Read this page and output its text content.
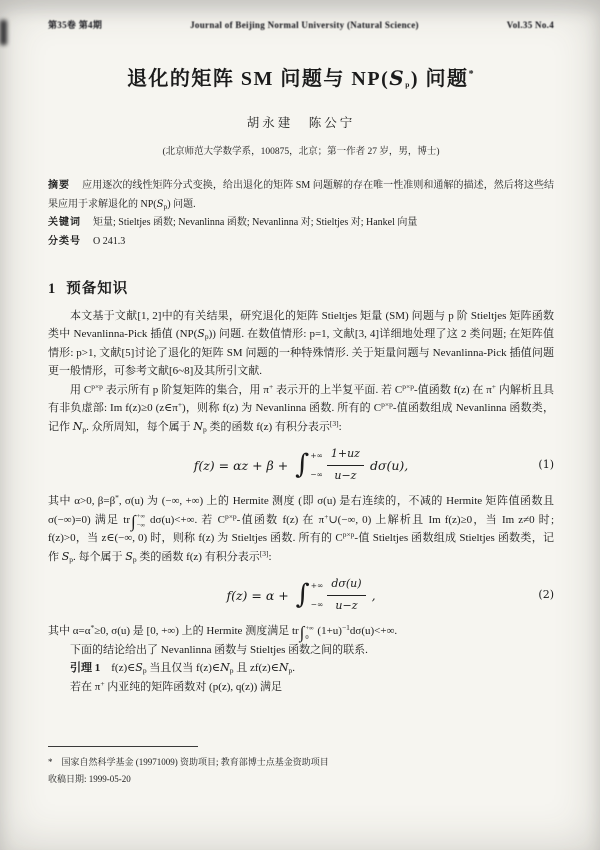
第35卷 第4期	Journal of Beijing Normal University (Natural Science)	Vol.35 No.4
退化的矩阵 SM 问题与 $NP(S_p)$ 问题*
胡永建　陈公宁
(北京师范大学数学系，100875，北京；第一作者 27 岁，男，博士)

摘要　应用逐次的线性矩阵分式变换，给出退化的矩阵 SM 问题解的存在唯一性准则和通解的描述，然后将这些结果应用于求解退化的 $NP(S_p)$ 问题.

关键词　矩量; Stieltjes 函数; Nevanlinna 函数; Nevanlinna 对; Stieltjes 对; Hankel 向量

分类号　O 241.3

1 预备知识

本文基于文献[1, 2]中的有关结果，研究退化的矩阵 Stieltjes 矩量 (SM) 问题与 p 阶 Stieltjes 矩阵函数类中 Nevanlinna-Pick 插值 $(NP(S_p))$ 问题. 在数值情形: p=1, 文献[3, 4]详细地处理了这 2 类问题; 在矩阵值情形: p>1, 文献[5]讨论了退化的矩阵 SM 问题的一种特殊情形. 关于矩量问题与 Nevanlinna-Pick 插值问题更一般情形，可参考文献[6~8]及其所引文献.

用 $C^{p\times p}$ 表示所有 p 阶复矩阵的集合，用 π+ 表示开的上半复平面. 若 $C^{p\times p}-$值函数 f(z) 在 π+ 内解析且具有非负虚部: Im f(z)≥0 (z∈π+)，则称 f(z) 为 Nevanlinna 函数. 所有的 $C^{p\times p}-$值函数组成 Nevanlinna 函数类，记作 $N_p$. 众所周知，每个属于 $N_p$ 类的函数 f(z) 有积分表示[3]:

f(z) = αz + β + ∫ +∞
−∞ $\frac{1+uz}{u-z} d\sigma(u)$,	(1)

其中 α>0, β=β*, σ(u) 为 (−∞, +∞) 上的 Hermite 测度 (即 σ(u) 是右连续的，不减的 Hermite 矩阵值函数且 σ(−∞)=0) 满足 tr ∫ +∞
−∞ dσ(u)<+∞. 若 $C^{p\times p}-$值函数 f(z) 在 π+∪(−∞, 0) 上解析且 Im f(z)≥0，当 Im z≠0 时; f(z)>0，当 z∈(−∞, 0) 时，则称 f(z) 为 Stieltjes 函数. 所有的 $C^{p\times p}-$值 Stieltjes 函数组成 Stieltjes 函数类，记作 $S_p$. 每个属于 $S_p$ 类的函数 f(z) 有积分表示[3]:

f(z) = α + ∫ +∞
−∞ $\frac{d\sigma(u)}{u-z}$ ,	(2)

其中 α=α*≥0, σ(u) 是 [0, +∞) 上的 Hermite 测度满足 tr ∫ +∞
0 $(1+u)^{-1}d\sigma(u)<+\infty$.

下面的结论给出了 Nevanlinna 函数与 Stieltjes 函数之间的联系.

引理 1　$f(z)\in S_p$ 当且仅当 $f(z)\in N_p$ 且 $zf(z)\in N_p$.

若在 π+ 内亚纯的矩阵函数对 (p(z), q(z)) 满足

*　国家自然科学基金 (19971009) 资助项目; 教育部博士点基金资助项目

收稿日期: 1999-05-20
